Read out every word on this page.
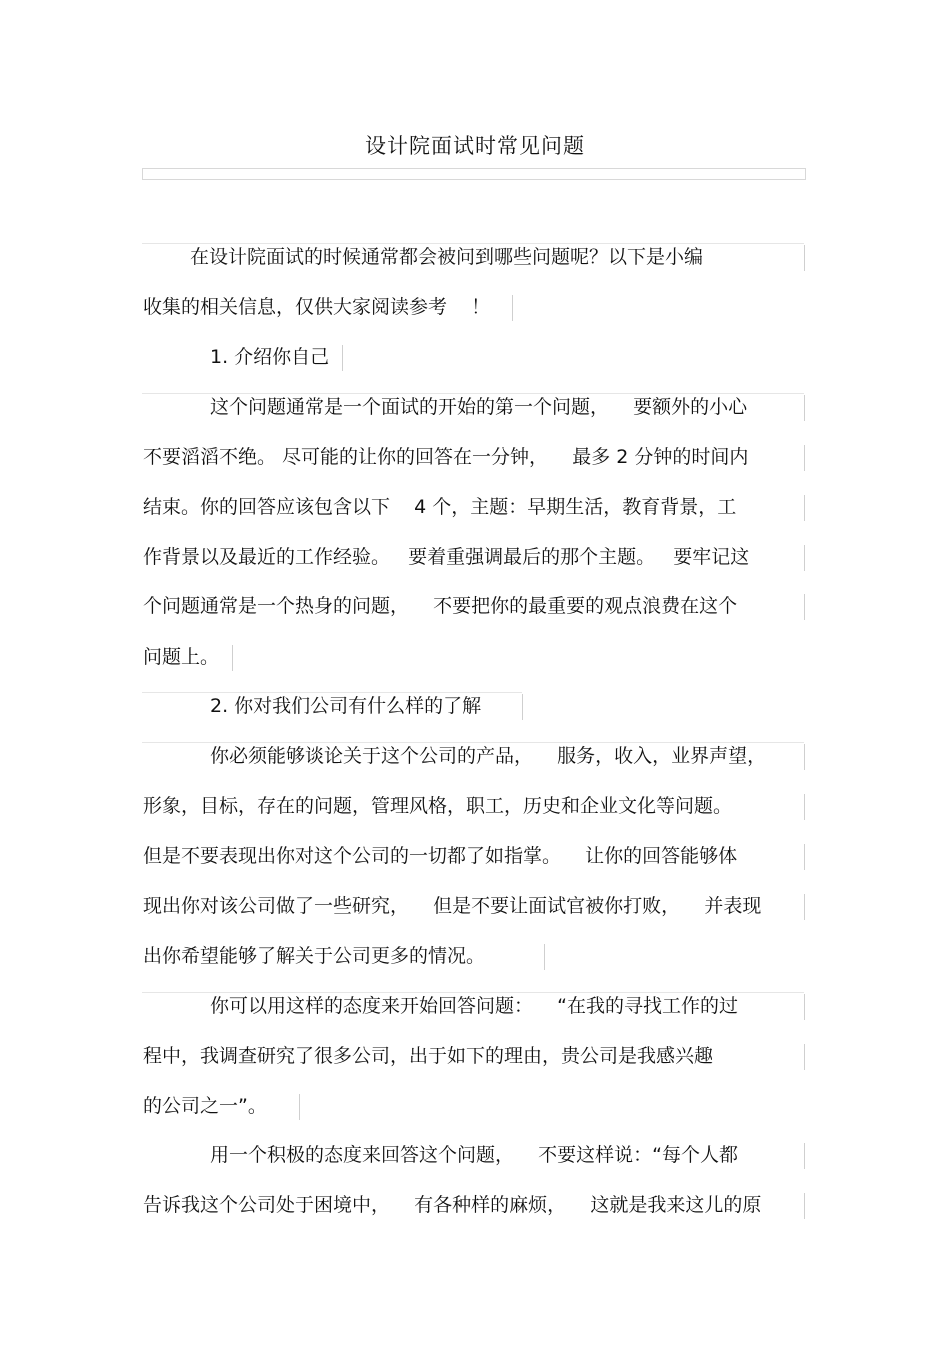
设计院面试时常见问题
在设计院面试的时候通常都会被问到哪些问题呢？以下是小编
收集的相关信息，仅供大家阅读参考    ！
1. 介绍你自己
这个问题通常是一个面试的开始的第一个问题，    要额外的小心
不要滔滔不绝。 尽可能的让你的回答在一分钟，    最多 2 分钟的时间内
结束。你的回答应该包含以下    4 个，主题：早期生活，教育背景，工
作背景以及最近的工作经验。   要着重强调最后的那个主题。   要牢记这
个问题通常是一个热身的问题，    不要把你的最重要的观点浪费在这个
问题上。
2. 你对我们公司有什么样的了解
你必须能够谈论关于这个公司的产品，    服务，收入，业界声望，
形象，目标，存在的问题，管理风格，职工，历史和企业文化等问题。
但是不要表现出你对这个公司的一切都了如指掌。    让你的回答能够体
现出你对该公司做了一些研究，    但是不要让面试官被你打败，    并表现
出你希望能够了解关于公司更多的情况。
你可以用这样的态度来开始回答问题：    “在我的寻找工作的过
程中，我调查研究了很多公司，出于如下的理由，贵公司是我感兴趣
的公司之一”。
用一个积极的态度来回答这个问题，    不要这样说：“每个人都
告诉我这个公司处于困境中，    有各种样的麻烦，    这就是我来这儿的原
